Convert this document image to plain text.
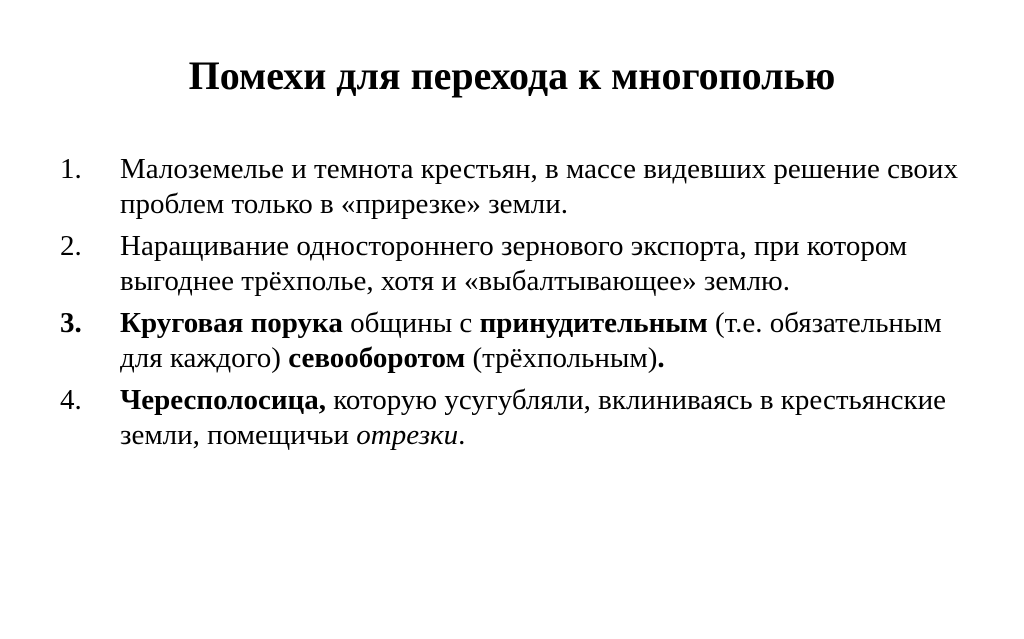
Помехи для перехода к многополью
1. Малоземелье и темнота крестьян, в массе видевших решение своих проблем только в «прирезке» земли.
2. Наращивание одностороннего зернового экспорта, при котором выгоднее трёхполье, хотя и «выбалтывающее» землю.
3. Круговая порука общины с принудительным (т.е. обязательным для каждого) севооборотом (трёхпольным).
4. Чересполосица, которую усугубляли, вклиниваясь в крестьянские земли, помещичьи отрезки.
